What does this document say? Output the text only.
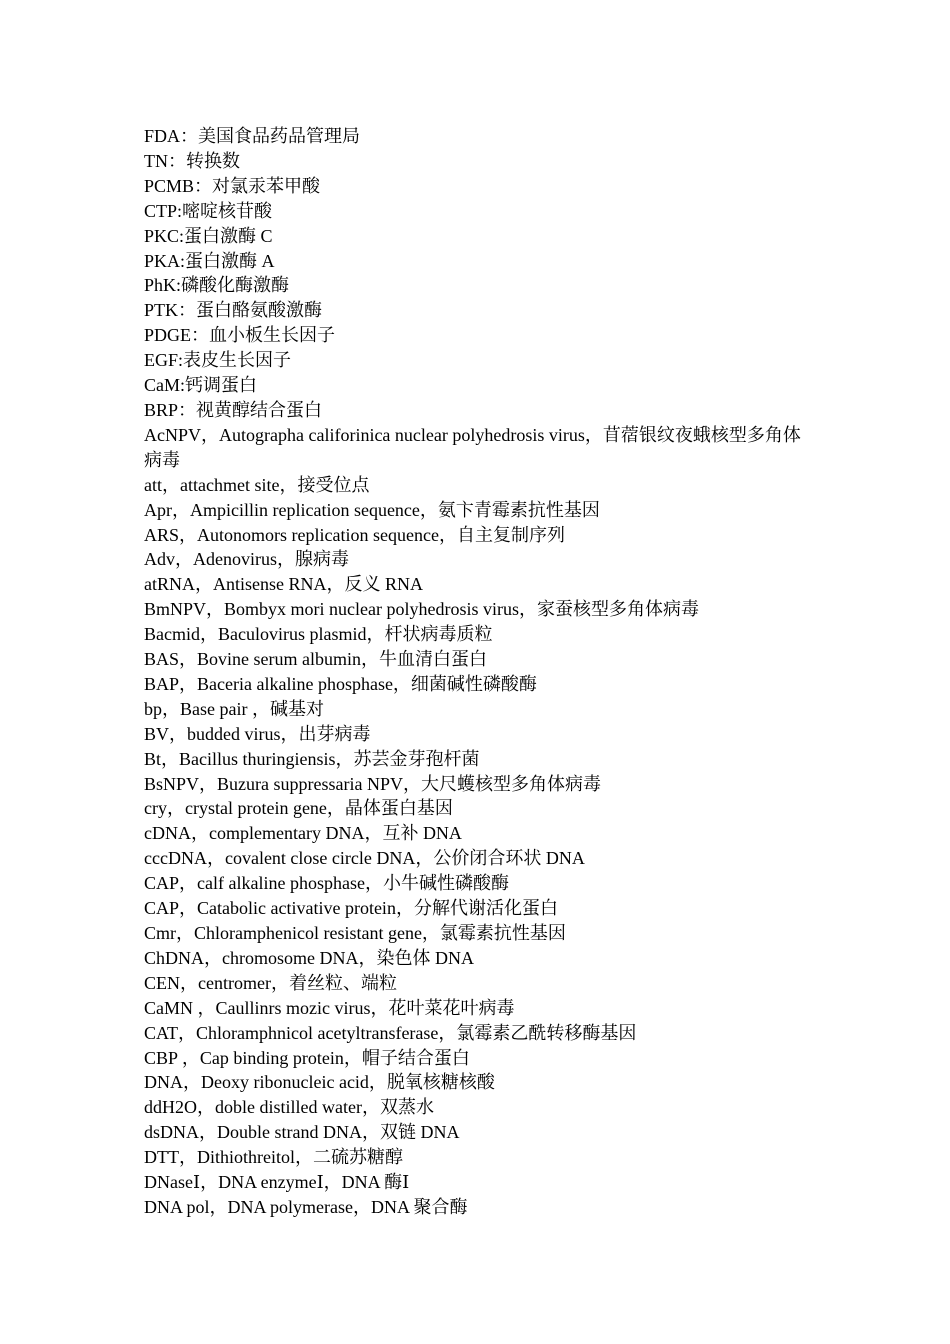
FDA：美国食品药品管理局
TN：转换数
PCMB：对氯汞苯甲酸
CTP:嘧啶核苷酸
PKC:蛋白激酶 C
PKA:蛋白激酶 A
PhK:磷酸化酶激酶
PTK：蛋白酪氨酸激酶
PDGE：血小板生长因子
EGF:表皮生长因子
CaM:钙调蛋白
BRP：视黄醇结合蛋白
AcNPV，Autographa califorinica nuclear polyhedrosis virus，苜蓿银纹夜蛾核型多角体病毒
att，attachmet site，接受位点
Apr，Ampicillin replication sequence，氨卞青霉素抗性基因
ARS，Autonomors replication sequence，自主复制序列
Adv，Adenovirus，腺病毒
atRNA，Antisense RNA，反义 RNA
BmNPV，Bombyx mori nuclear polyhedrosis virus，家蚕核型多角体病毒
Bacmid，Baculovirus plasmid，杆状病毒质粒
BAS，Bovine serum albumin，牛血清白蛋白
BAP，Baceria alkaline phosphase，细菌碱性磷酸酶
bp，Base pair ，碱基对
BV，budded virus，出芽病毒
Bt，Bacillus thuringiensis，苏芸金芽孢杆菌
BsNPV，Buzura suppressaria NPV，大尺蠖核型多角体病毒
cry，crystal protein gene，晶体蛋白基因
cDNA，complementary DNA，互补 DNA
cccDNA，covalent close circle DNA，公价闭合环状 DNA
CAP，calf alkaline phosphase，小牛碱性磷酸酶
CAP，Catabolic activative protein，分解代谢活化蛋白
Cmr，Chloramphenicol resistant gene，氯霉素抗性基因
ChDNA，chromosome DNA，染色体 DNA
CEN，centromer，着丝粒、端粒
CaMN ，Caullinrs mozic virus，花叶菜花叶病毒
CAT，Chloramphnicol acetyltransferase，氯霉素乙酰转移酶基因
CBP ，Cap binding protein，帽子结合蛋白
DNA，Deoxy ribonucleic acid，脱氧核糖核酸
ddH2O，doble distilled water，双蒸水
dsDNA，Double strand DNA，双链 DNA
DTT，Dithiothreitol，二硫苏糖醇
DNaseⅠ，DNA enzymeⅠ，DNA 酶Ⅰ
DNA pol，DNA polymerase，DNA 聚合酶
